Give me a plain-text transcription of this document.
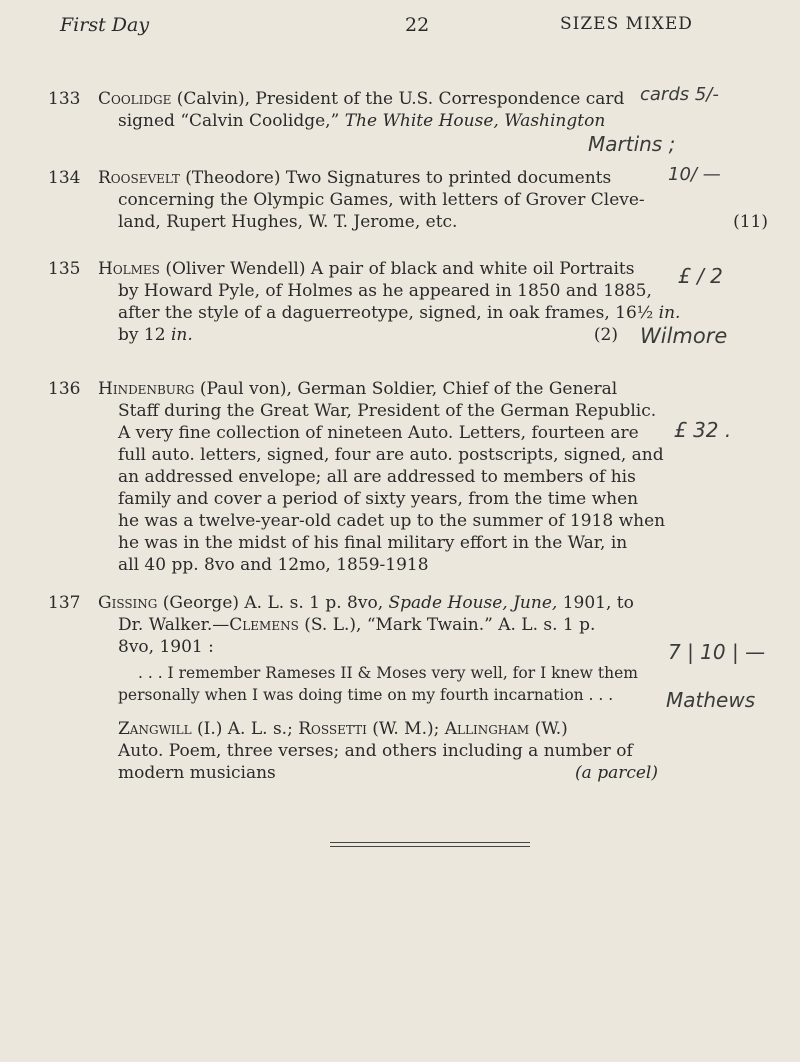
First Day	22	SIZES MIXED
133 Coolidge (Calvin), President of the U.S. Correspondence card
signed “Calvin Coolidge,” The White House, Washington
134 Roosevelt (Theodore) Two Signatures to printed documents
concerning the Olympic Games, with letters of Grover Cleve-
land, Rupert Hughes, W. T. Jerome, etc.	(11)
135 Holmes (Oliver Wendell) A pair of black and white oil Portraits
by Howard Pyle, of Holmes as he appeared in 1850 and 1885,
after the style of a daguerreotype, signed, in oak frames, 16½ in.
by 12 in.	(2)
136 Hindenburg (Paul von), German Soldier, Chief of the General
Staff during the Great War, President of the German Republic.
A very fine collection of nineteen Auto. Letters, fourteen are
full auto. letters, signed, four are auto. postscripts, signed, and
an addressed envelope; all are addressed to members of his
family and cover a period of sixty years, from the time when
he was a twelve-year-old cadet up to the summer of 1918 when
he was in the midst of his final military effort in the War, in
all 40 pp. 8vo and 12mo, 1859-1918
137 Gissing (George) A. L. s. 1 p. 8vo, Spade House, June, 1901, to
Dr. Walker.—Clemens (S. L.), “Mark Twain.” A. L. s. 1 p.
8vo, 1901 :
. . . I remember Rameses II & Moses very well, for I knew them
personally when I was doing time on my fourth incarnation . . .
Zangwill (I.) A. L. s.; Rossetti (W. M.); Allingham (W.)
Auto. Poem, three verses; and others including a number of
modern musicians	(a parcel)
cards 5/-
Martins ;
10/ —
£ / 2
Wilmore
£ 32 .
7 | 10 | —
Mathews
